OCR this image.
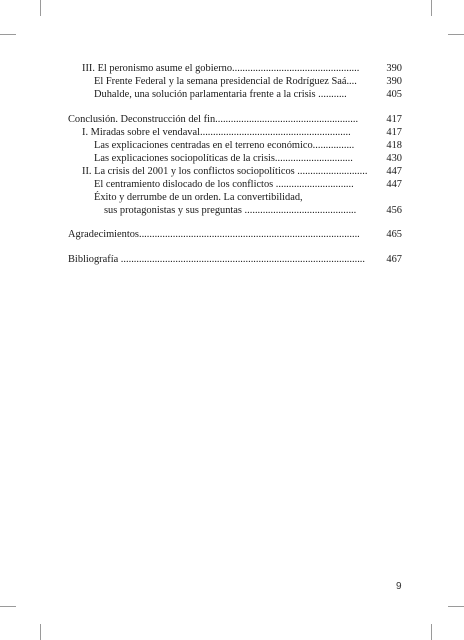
III. El peronismo asume el gobierno.................................................	390
El Frente Federal y la semana presidencial de Rodríguez Saá....	390
Duhalde, una solución parlamentaria frente a la crisis ...........	405
Conclusión. Deconstrucción del fin.......................................................	417
I. Miradas sobre el vendaval..........................................................	417
Las explicaciones centradas en el terreno económico................	418
Las explicaciones sociopolíticas de la crisis..............................	430
II. La crisis del 2001 y los conflictos sociopolíticos ...........................	447
El centramiento dislocado de los conflictos ..............................	447
Éxito y derrumbe de un orden. La convertibilidad,
sus protagonistas y sus preguntas ...........................................	456
Agradecimientos.....................................................................................	465
Bibliografía ..............................................................................................	467
9
